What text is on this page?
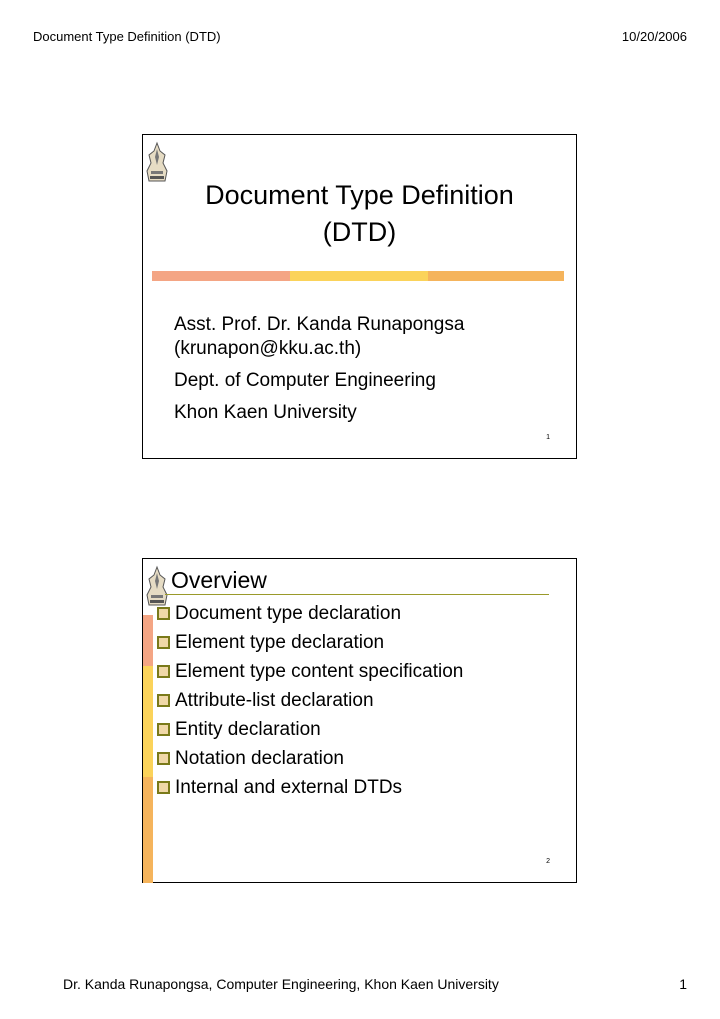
Document Type Definition (DTD)	10/20/2006
Document Type Definition
(DTD)
Asst. Prof. Dr. Kanda Runapongsa
(krunapon@kku.ac.th)
Dept. of Computer Engineering
Khon Kaen University
1
Overview
Document type declaration
Element type declaration
Element type content specification
Attribute-list declaration
Entity declaration
Notation declaration
Internal and external DTDs
2
Dr. Kanda Runapongsa, Computer Engineering, Khon Kaen University	1
